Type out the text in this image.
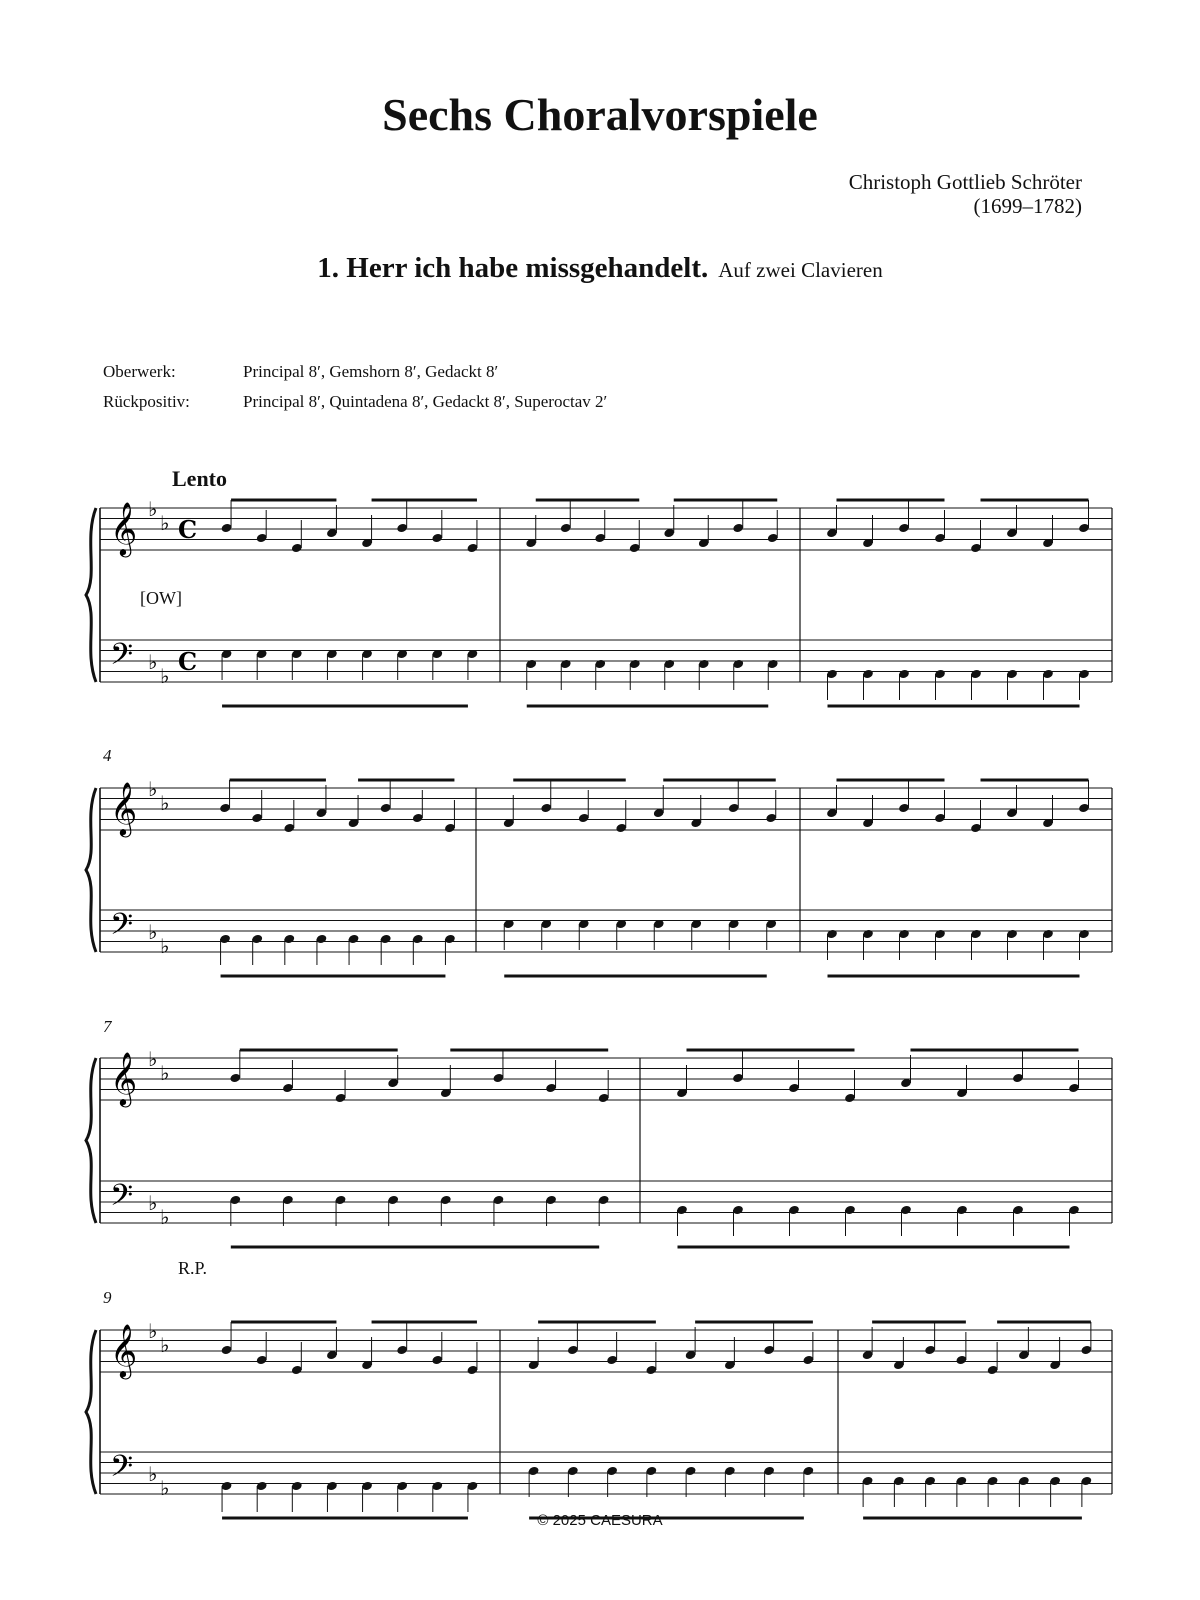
Sechs Choralvorspiele
Christoph Gottlieb Schröter
(1699–1782)
1. Herr ich habe missgehandelt. Auf zwei Clavieren
Oberwerk:	Principal 8′, Gemshorn 8′, Gedackt 8′
Rückpositiv:	Principal 8′, Quintadena 8′, Gedackt 8′, Superoctav 2′
Lento
[OW]
R.P.
4
7
9
𝄞 ♭
♭ C
𝄢 ♭
♭ C
𝄞 ♭
♭
𝄢 ♭
♭
𝄞 ♭
♭
𝄢 ♭
♭
𝄞 ♭
♭
𝄢 ♭
♭
© 2025 CAESURA
